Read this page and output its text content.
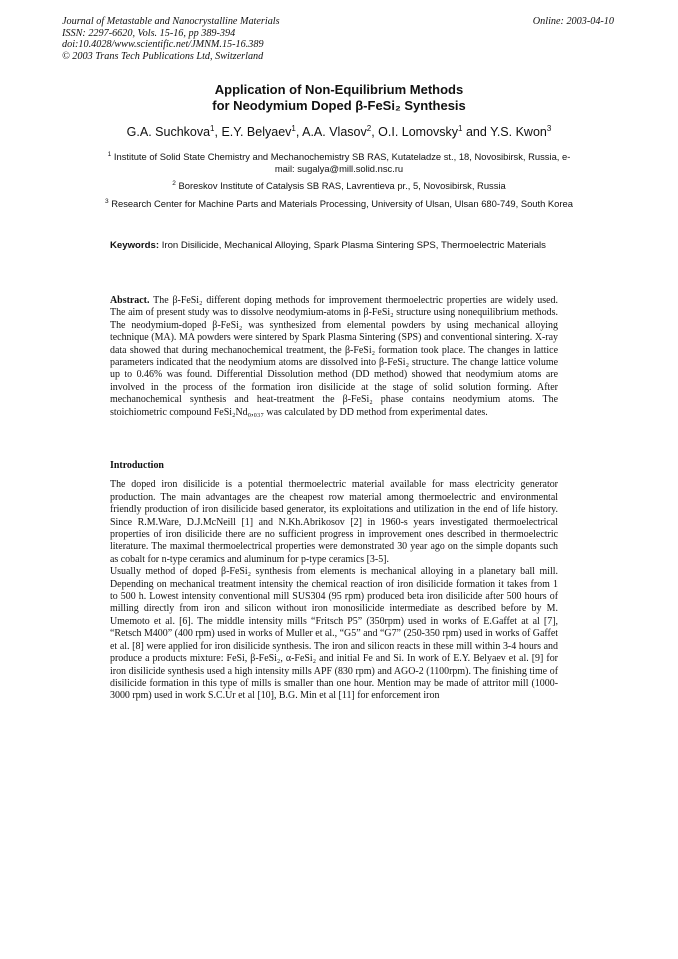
Journal of Metastable and Nanocrystalline Materials
ISSN: 2297-6620, Vols. 15-16, pp 389-394
doi:10.4028/www.scientific.net/JMNM.15-16.389
© 2003 Trans Tech Publications Ltd, Switzerland
Online: 2003-04-10
Application of Non-Equilibrium Methods
for Neodymium Doped β-FeSi₂ Synthesis
G.A. Suchkova$^1$, E.Y. Belyaev$^1$, A.A. Vlasov$^2$, O.I. Lomovsky$^1$ and Y.S. Kwon$^3$
$^1$ Institute of Solid State Chemistry and Mechanochemistry SB RAS, Kutateladze st., 18, Novosibirsk, Russia, e-mail: sugalya@mill.solid.nsc.ru
$^2$ Boreskov Institute of Catalysis SB RAS, Lavrentieva pr., 5, Novosibirsk, Russia
$^3$ Research Center for Machine Parts and Materials Processing, University of Ulsan, Ulsan 680-749, South Korea
Keywords: Iron Disilicide, Mechanical Alloying, Spark Plasma Sintering SPS, Thermoelectric Materials
Abstract. The β-FeSi₂ different doping methods for improvement thermoelectric properties are widely used. The aim of present study was to dissolve neodymium-atoms in β-FeSi₂ structure using nonequilibrium methods. The neodymium-doped β-FeSi₂ was synthesized from elemental powders by using mechanical alloying technique (MA). MA powders were sintered by Spark Plasma Sintering (SPS) and conventional sintering. X-ray data showed that during mechanochemical treatment, the β-FeSi₂ formation took place. The changes in lattice parameters indicated that the neodymium atoms are dissolved into β-FeSi₂ structure. The change lattice volume up to 0.46% was found. Differential Dissolution method (DD method) showed that neodymium atoms are involved in the process of the formation iron disilicide at the stage of solid solution forming. After mechanochemical synthesis and heat-treatment the β-FeSi₂ phase contains neodymium atoms. The stoichiometric compound FeSi₂Nd₀,₀₃₇ was calculated by DD method from experimental dates.
Introduction

The doped iron disilicide is a potential thermoelectric material available for mass electricity generator production. The main advantages are the cheapest row material among thermoelectric and environmental friendly production of iron disilicide based generator, its exploitations and utilization in the end of life history. Since R.M.Ware, D.J.McNeill [1] and N.Kh.Abrikosov [2] in 1960-s years investigated thermoelectrical properties of iron disilicide there are no sufficient progress in improvement ones described in thermoelectric literature. The maximal thermoelectrical properties were demonstrated 30 year ago on the simple dopants such as cobalt for n-type ceramics and aluminum for p-type ceramics [3-5].

Usually method of doped β-FeSi₂ synthesis from elements is mechanical alloying in a planetary ball mill. Depending on mechanical treatment intensity the chemical reaction of iron disilicide formation it takes from 1 to 500 h. Lowest intensity conventional mill SUS304 (95 rpm) produced beta iron disilicide after 500 hours of milling directly from iron and silicon without iron monosilicide intermediate as described before by M. Umemoto et al. [6]. The middle intensity mills “Fritsch P5” (350rpm) used in works of E.Gaffet at al [7], “Retsch M400” (400 rpm) used in works of Muller et al., “G5” and “G7” (250-350 rpm) used in works of Gaffet et al. [8] were applied for iron disilicide synthesis. The iron and silicon reacts in these mill within 3-4 hours and produce a products mixture: FeSi, β-FeSi₂, α-FeSi₂ and initial Fe and Si. In work of E.Y. Belyaev et al. [9] for iron disilicide synthesis used a high intensity mills APF (830 rpm) and AGO-2 (1100rpm). The finishing time of disilicide formation in this type of mills is smaller than one hour. Mention may be made of attritor mill (1000-3000 rpm) used in work S.C.Ur et al [10], B.G. Min et al [11] for enforcement iron
